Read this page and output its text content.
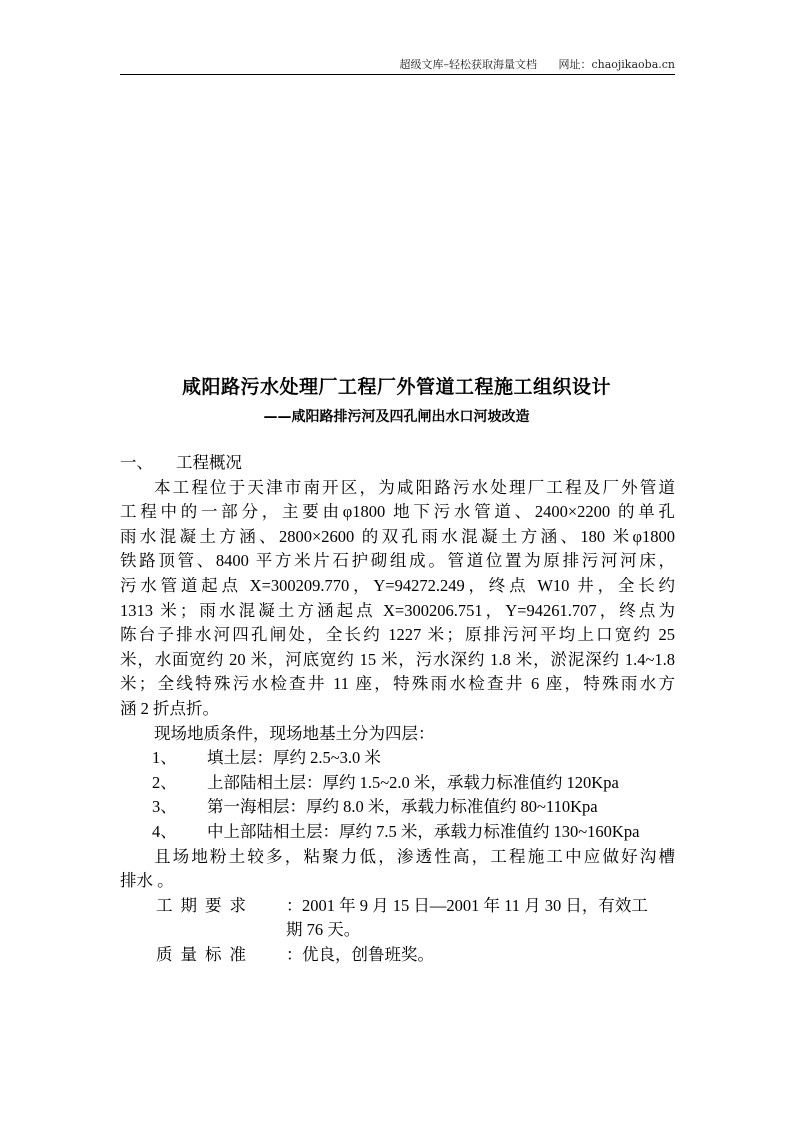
超级文库–轻松获取海量文档 网址：chaojikaoba.cn
咸阳路污水处理厂工程厂外管道工程施工组织设计
——咸阳路排污河及四孔闸出水口河坡改造
一、	工程概况
本工程位于天津市南开区，为咸阳路污水处理厂工程及厂外管道
工程中的一部分，主要由φ1800 地下污水管道、2400×2200 的单孔
雨水混凝土方涵、2800×2600 的双孔雨水混凝土方涵、180 米φ1800
铁路顶管、8400 平方米片石护砌组成。管道位置为原排污河河床，
污水管道起点 X=300209.770，Y=94272.249，终点 W10 井，全长约
1313 米；雨水混凝土方涵起点 X=300206.751，Y=94261.707，终点为
陈台子排水河四孔闸处，全长约 1227 米；原排污河平均上口宽约 25
米，水面宽约 20 米，河底宽约 15 米，污水深约 1.8 米，淤泥深约 1.4~1.8
米；全线特殊污水检查井 11 座，特殊雨水检查井 6 座，特殊雨水方
涵 2 折点折。
现场地质条件，现场地基土分为四层：
1、	填土层：厚约 2.5~3.0 米
2、	上部陆相土层：厚约 1.5~2.0 米，承载力标准值约 120Kpa
3、	第一海相层：厚约 8.0 米，承载力标准值约 80~110Kpa
4、	中上部陆相土层：厚约 7.5 米，承载力标准值约 130~160Kpa
且场地粉土较多，粘聚力低，渗透性高，工程施工中应做好沟槽
排水 。
工期要求	： 2001 年 9 月 15 日—2001 年 11 月 30 日，有效工
期 76 天。
质量标准	： 优良，创鲁班奖。
